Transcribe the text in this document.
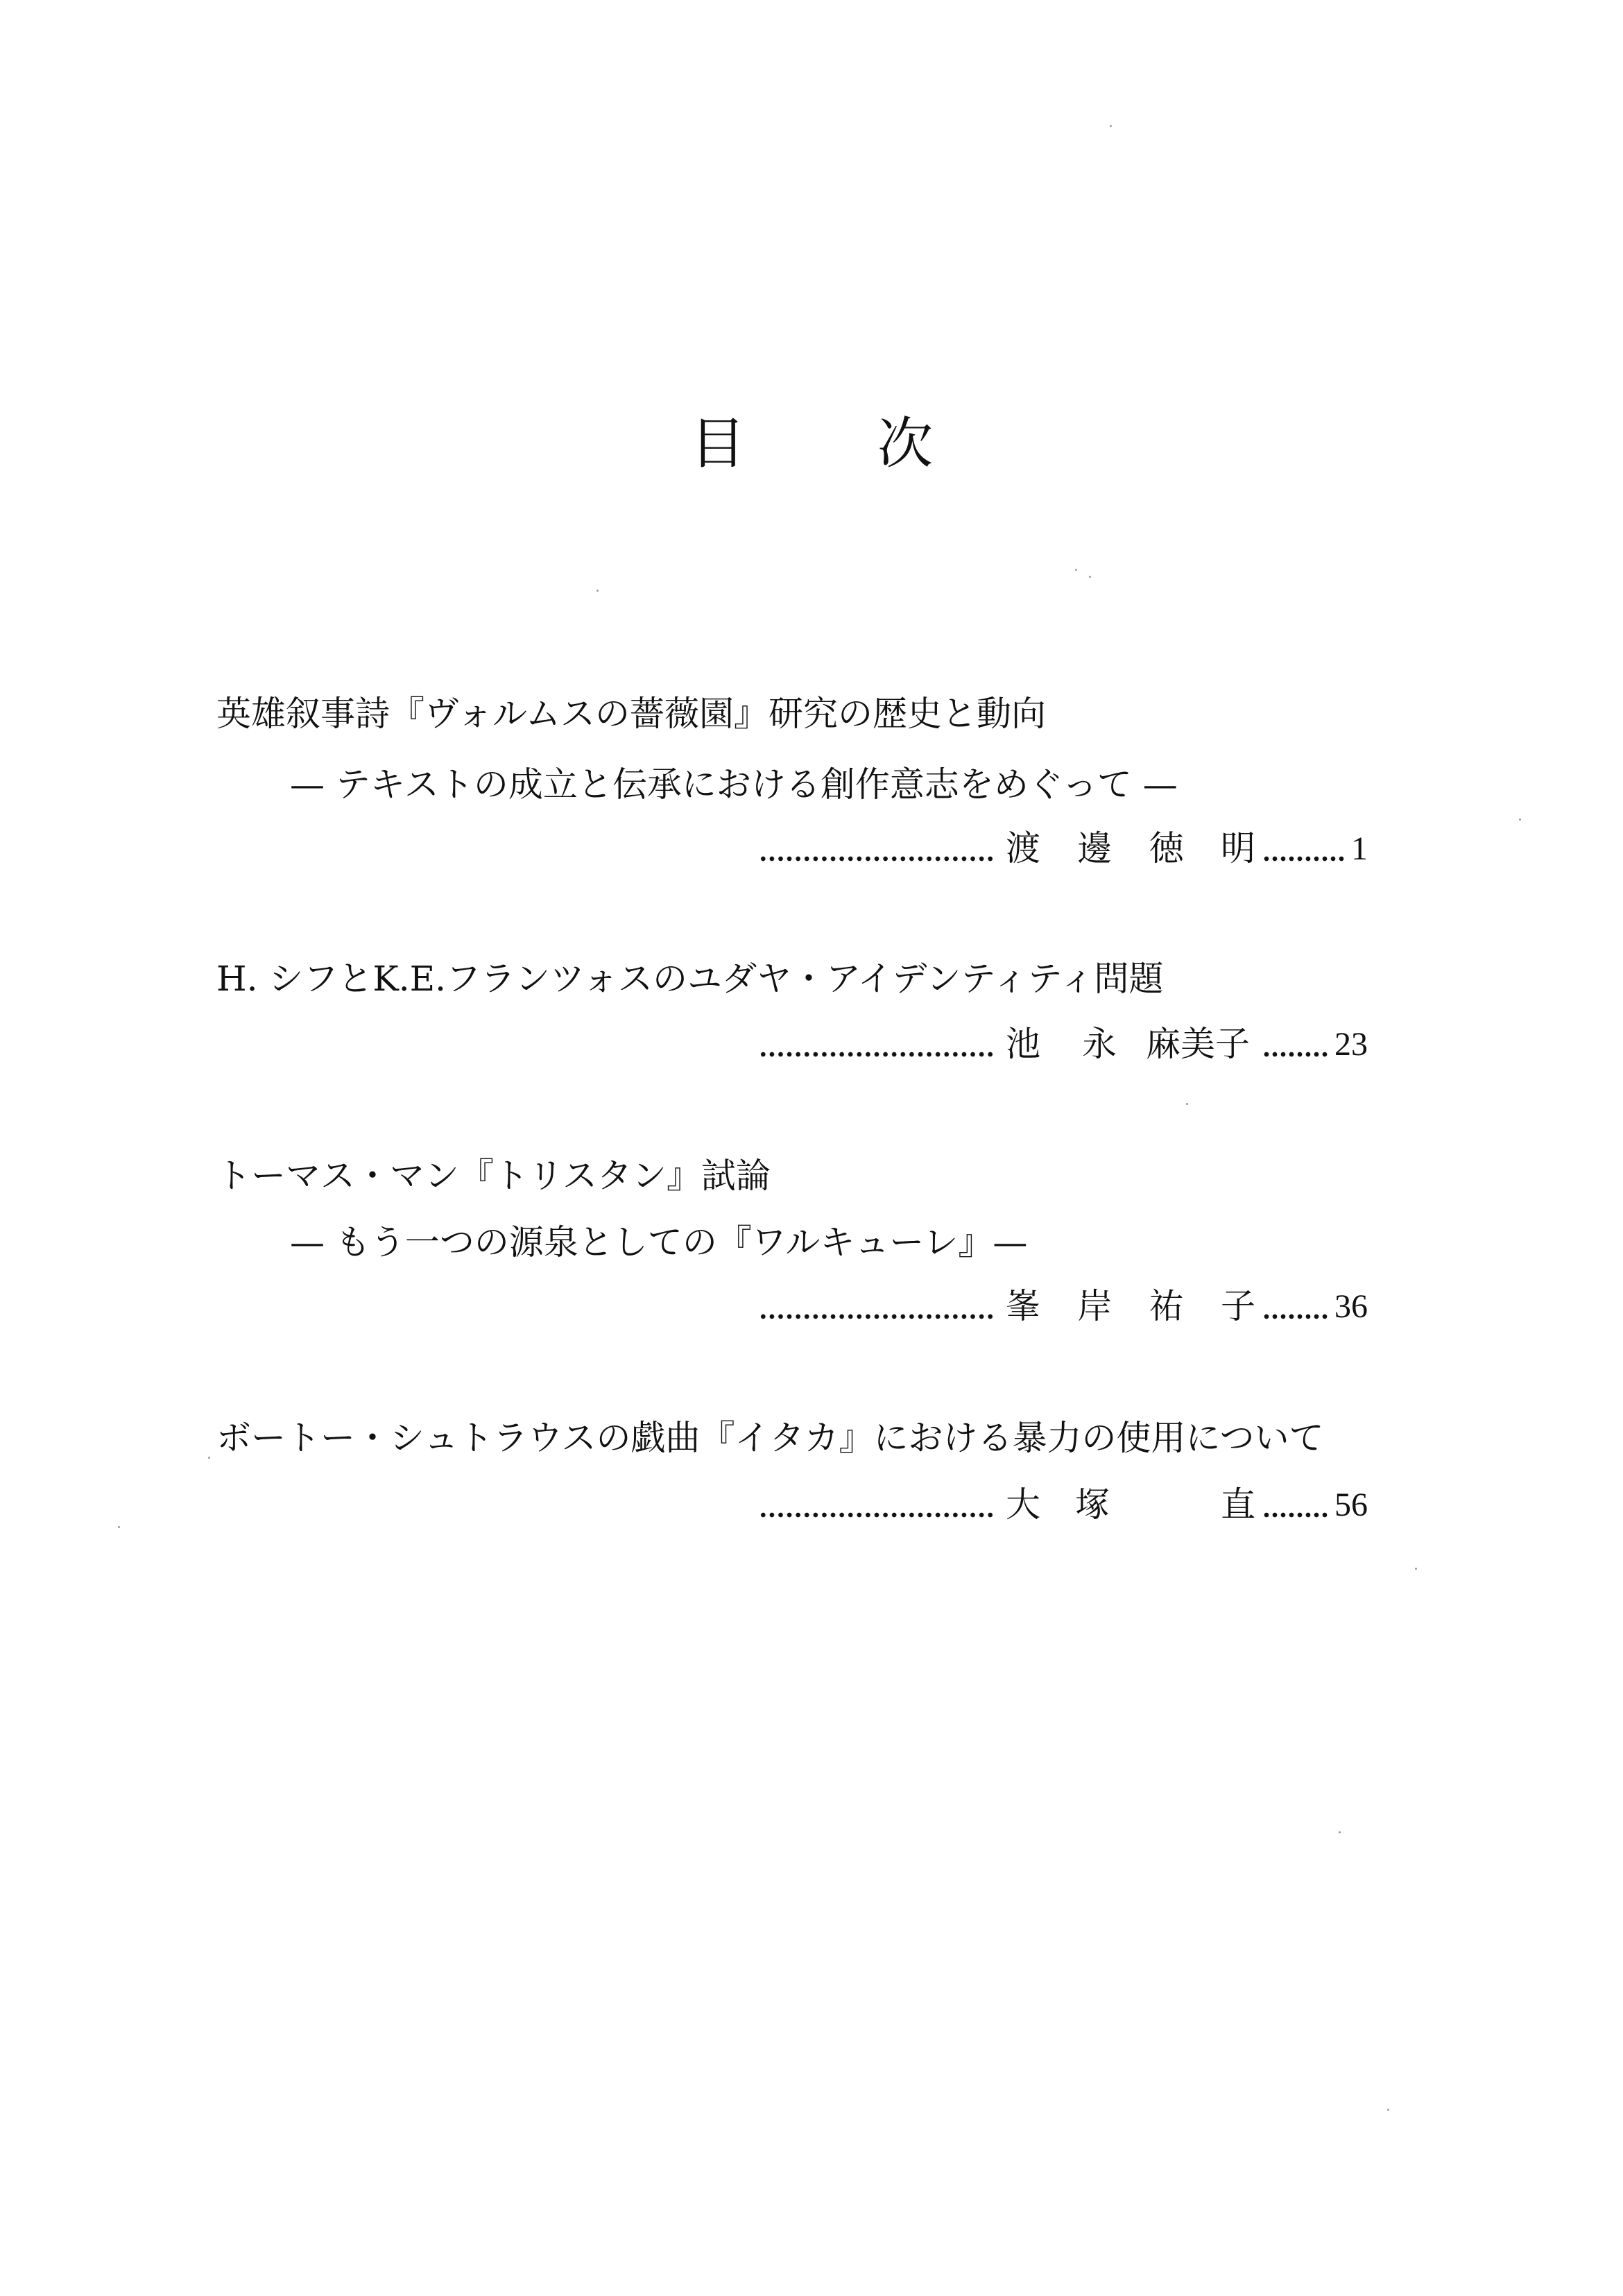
目 次
英雄叙事詩『ヴォルムスの薔薇園』研究の歴史と動向
— テキストの成立と伝承における創作意志をめぐって —
渡 邊 徳 明	1
H. シフとK.E.フランツォスのユダヤ・アイデンティティ問題
池	永 麻美子	23
トーマス・マン『トリスタン』試論
— もう一つの源泉としての『ワルキューレ』—
峯 岸 祐 子 36
ボートー・シュトラウスの戯曲『イタカ』における暴力の使用について
大	塚	直 56
